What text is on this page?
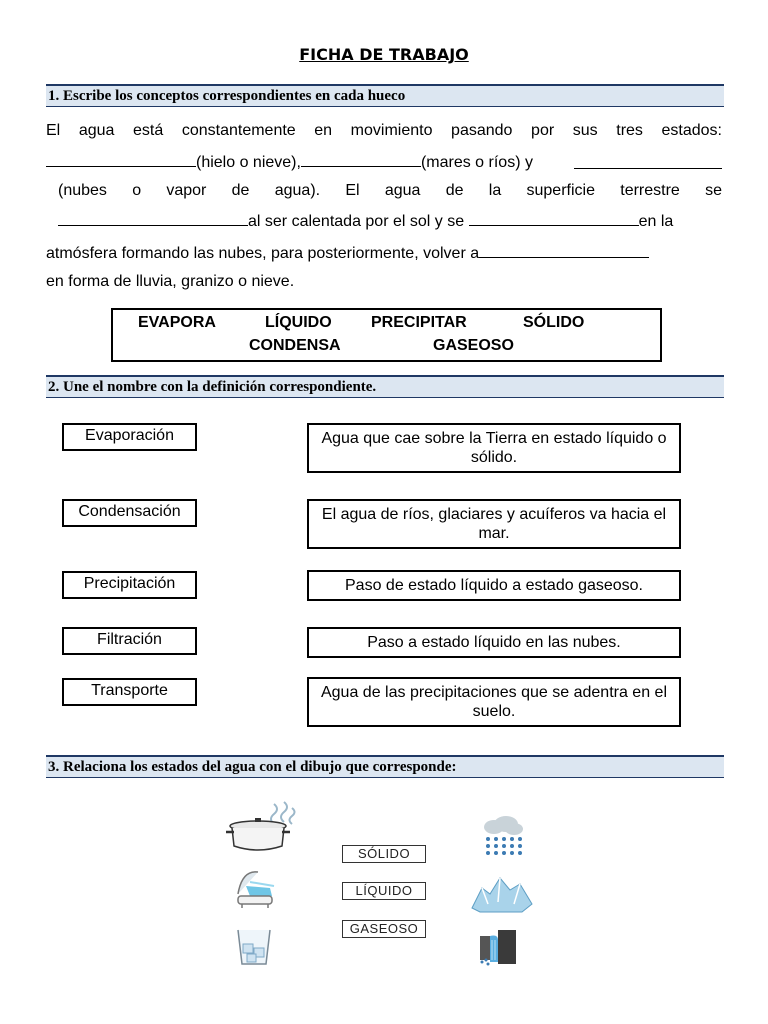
FICHA DE TRABAJO
1. Escribe los conceptos correspondientes en cada hueco
El agua está constantemente en movimiento pasando por sus tres estados:
(hielo o nieve),	(mares o ríos) y
(nubes o vapor de agua). El agua de la superficie terrestre se
al ser calentada por el sol y se	en la
atmósfera formando las nubes, para posteriormente, volver a
en forma de lluvia, granizo o nieve.
EVAPORA	LÍQUIDO PRECIPITAR	SÓLIDO
CONDENSA	GASEOSO
2. Une el nombre con la definición correspondiente.
Evaporación
Condensación
Precipitación
Filtración
Transporte
Agua que cae sobre la Tierra en estado líquido o sólido.
El agua de ríos, glaciares y acuíferos va hacia el mar.
Paso de estado líquido a estado gaseoso.
Paso a estado líquido en las nubes.
Agua de las precipitaciones que se adentra en el suelo.
3. Relaciona los estados del agua con el dibujo que corresponde:
SÓLIDO
LÍQUIDO
GASEOSO
